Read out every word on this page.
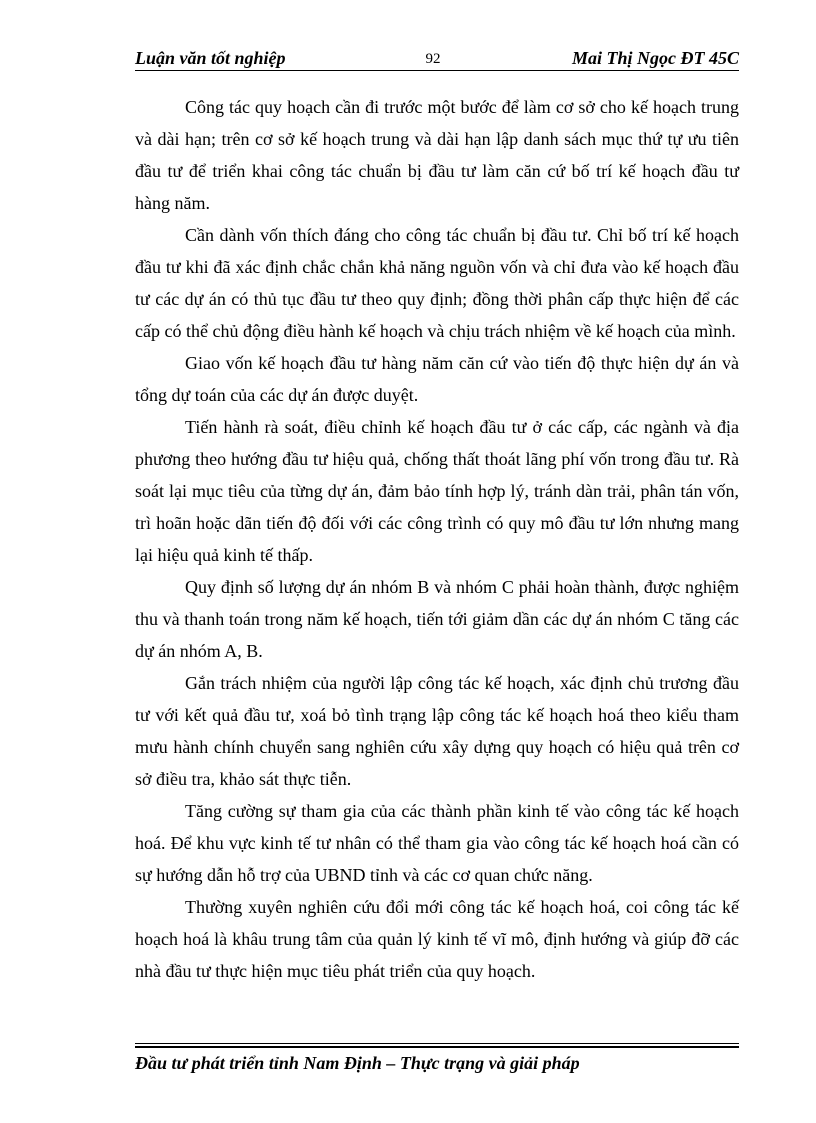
Luận văn tốt nghiệp	92	Mai Thị Ngọc ĐT 45C

Công tác quy hoạch cần đi trước một bước để làm cơ sở cho kế hoạch trung và dài hạn; trên cơ sở kế hoạch trung và dài hạn lập danh sách mục thứ tự ưu tiên đầu tư để triển khai công tác chuẩn bị đầu tư làm căn cứ bố trí kế hoạch đầu tư hàng năm.

Cần dành vốn thích đáng cho công tác chuẩn bị đầu tư. Chỉ bố trí kế hoạch đầu tư khi đã xác định chắc chắn khả năng nguồn vốn và chỉ đưa vào kế hoạch đầu tư các dự án có thủ tục đầu tư theo quy định; đồng thời phân cấp thực hiện để các cấp có thể chủ động điều hành kế hoạch và chịu trách nhiệm về kế hoạch của mình.

Giao vốn kế hoạch đầu tư hàng năm căn cứ vào tiến độ thực hiện dự án và tổng dự toán của các dự án được duyệt.

Tiến hành rà soát, điều chỉnh kế hoạch đầu tư ở các cấp, các ngành và địa phương theo hướng đầu tư hiệu quả, chống thất thoát lãng phí vốn trong đầu tư. Rà soát lại mục tiêu của từng dự án, đảm bảo tính hợp lý, tránh dàn trải, phân tán vốn, trì hoãn hoặc dãn tiến độ đối với các công trình có quy mô đầu tư lớn nhưng mang lại hiệu quả kinh tế thấp.

Quy định số lượng dự án nhóm B và nhóm C phải hoàn thành, được nghiệm thu và thanh toán trong năm kế hoạch, tiến tới giảm dần các dự án nhóm C tăng các dự án nhóm A, B.

Gắn trách nhiệm của người lập công tác kế hoạch, xác định chủ trương đầu tư với kết quả đầu tư, xoá bỏ tình trạng lập công tác kế hoạch hoá theo kiểu tham mưu hành chính chuyển sang nghiên cứu xây dựng quy hoạch có hiệu quả trên cơ sở điều tra, khảo sát thực tiễn.

Tăng cường sự tham gia của các thành phần kinh tế vào công tác kế hoạch hoá. Để khu vực kinh tế tư nhân có thể tham gia vào công tác kế hoạch hoá cần có sự hướng dẫn hỗ trợ của UBND tỉnh và các cơ quan chức năng.

Thường xuyên nghiên cứu đổi mới công tác kế hoạch hoá, coi công tác kế hoạch hoá là khâu trung tâm của quản lý kinh tế vĩ mô, định hướng và giúp đỡ các nhà đầu tư thực hiện mục tiêu phát triển của quy hoạch.

Đầu tư phát triển tỉnh Nam Định – Thực trạng và giải pháp
